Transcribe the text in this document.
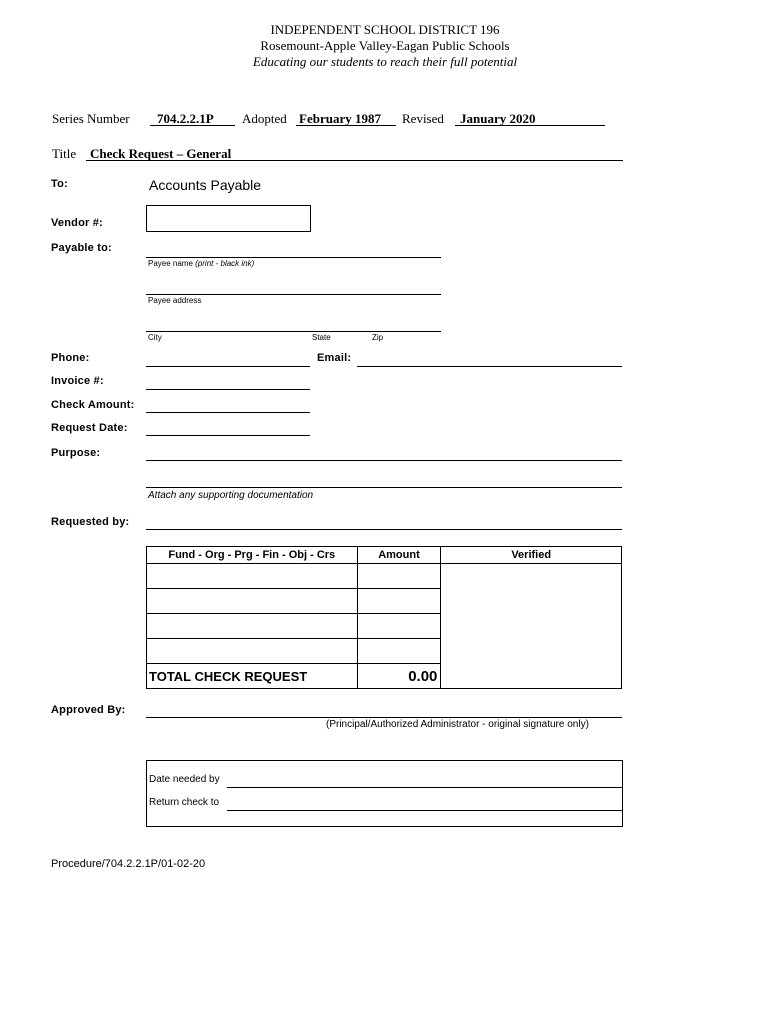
INDEPENDENT SCHOOL DISTRICT 196
Rosemount-Apple Valley-Eagan Public Schools
Educating our students to reach their full potential
Series Number 704.2.2.1P Adopted February 1987 Revised January 2020
Title Check Request – General
To:	Accounts Payable
Vendor #:
Payable to:
Payee name (print - black ink)
Payee address
City	State	Zip
Phone:	Email:
Invoice #:
Check Amount:
Request Date:
Purpose:
Attach any supporting documentation
Requested by:
Fund - Org - Prg - Fin - Obj - Crs	Amount	Verified

TOTAL CHECK REQUEST	0.00	
Approved By:
(Principal/Authorized Administrator - original signature only)
Date needed by
Return check to
Procedure/704.2.2.1P/01-02-20
